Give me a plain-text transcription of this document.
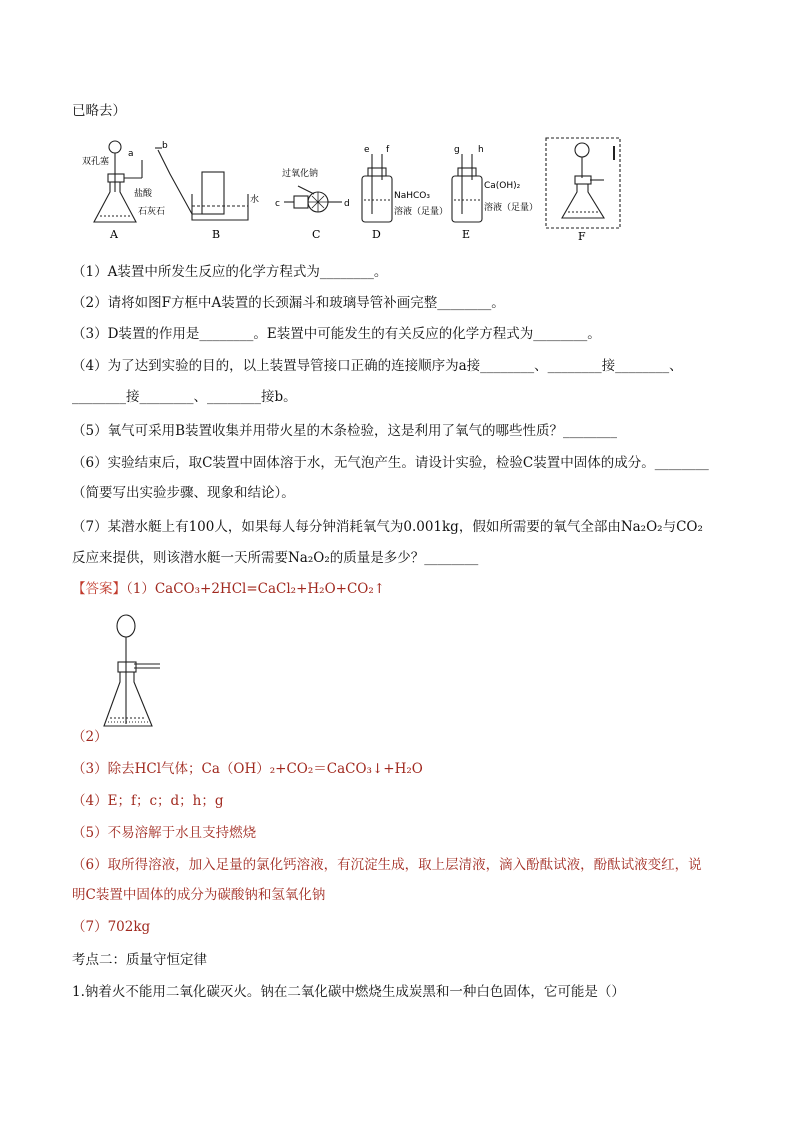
已略去）
双孔塞
a
盐酸
石灰石
A
b
水
B
过氧化钠
c	d
C
e f
NaHCO₃
溶液（足量）
D
g h
Ca(OH)₂
溶液（足量）
E	F
（1）A装置中所发生反应的化学方程式为________。
（2）请将如图F方框中A装置的长颈漏斗和玻璃导管补画完整________。
（3）D装置的作用是________。E装置中可能发生的有关反应的化学方程式为________。
（4）为了达到实验的目的，以上装置导管接口正确的连接顺序为a接________、________接________、
________接________、________接b。
（5）氧气可采用B装置收集并用带火星的木条检验，这是利用了氧气的哪些性质？________
（6）实验结束后，取C装置中固体溶于水，无气泡产生。请设计实验，检验C装置中固体的成分。________
（简要写出实验步骤、现象和结论）。
（7）某潜水艇上有100人，如果每人每分钟消耗氧气为0.001kg，假如所需要的氧气全部由Na₂O₂与CO₂
反应来提供，则该潜水艇一天所需要Na₂O₂的质量是多少？________
【答案】（1）CaCO₃+2HCl=CaCl₂+H₂O+CO₂↑
（2）
（3）除去HCl气体；Ca（OH）₂+CO₂＝CaCO₃↓+H₂O
（4）E；f；c；d；h；g
（5）不易溶解于水且支持燃烧
（6）取所得溶液，加入足量的氯化钙溶液，有沉淀生成，取上层清液，滴入酚酞试液，酚酞试液变红，说
明C装置中固体的成分为碳酸钠和氢氧化钠
（7）702kg
考点二：质量守恒定律
1.钠着火不能用二氧化碳灭火。钠在二氧化碳中燃烧生成炭黑和一种白色固体，它可能是（）
